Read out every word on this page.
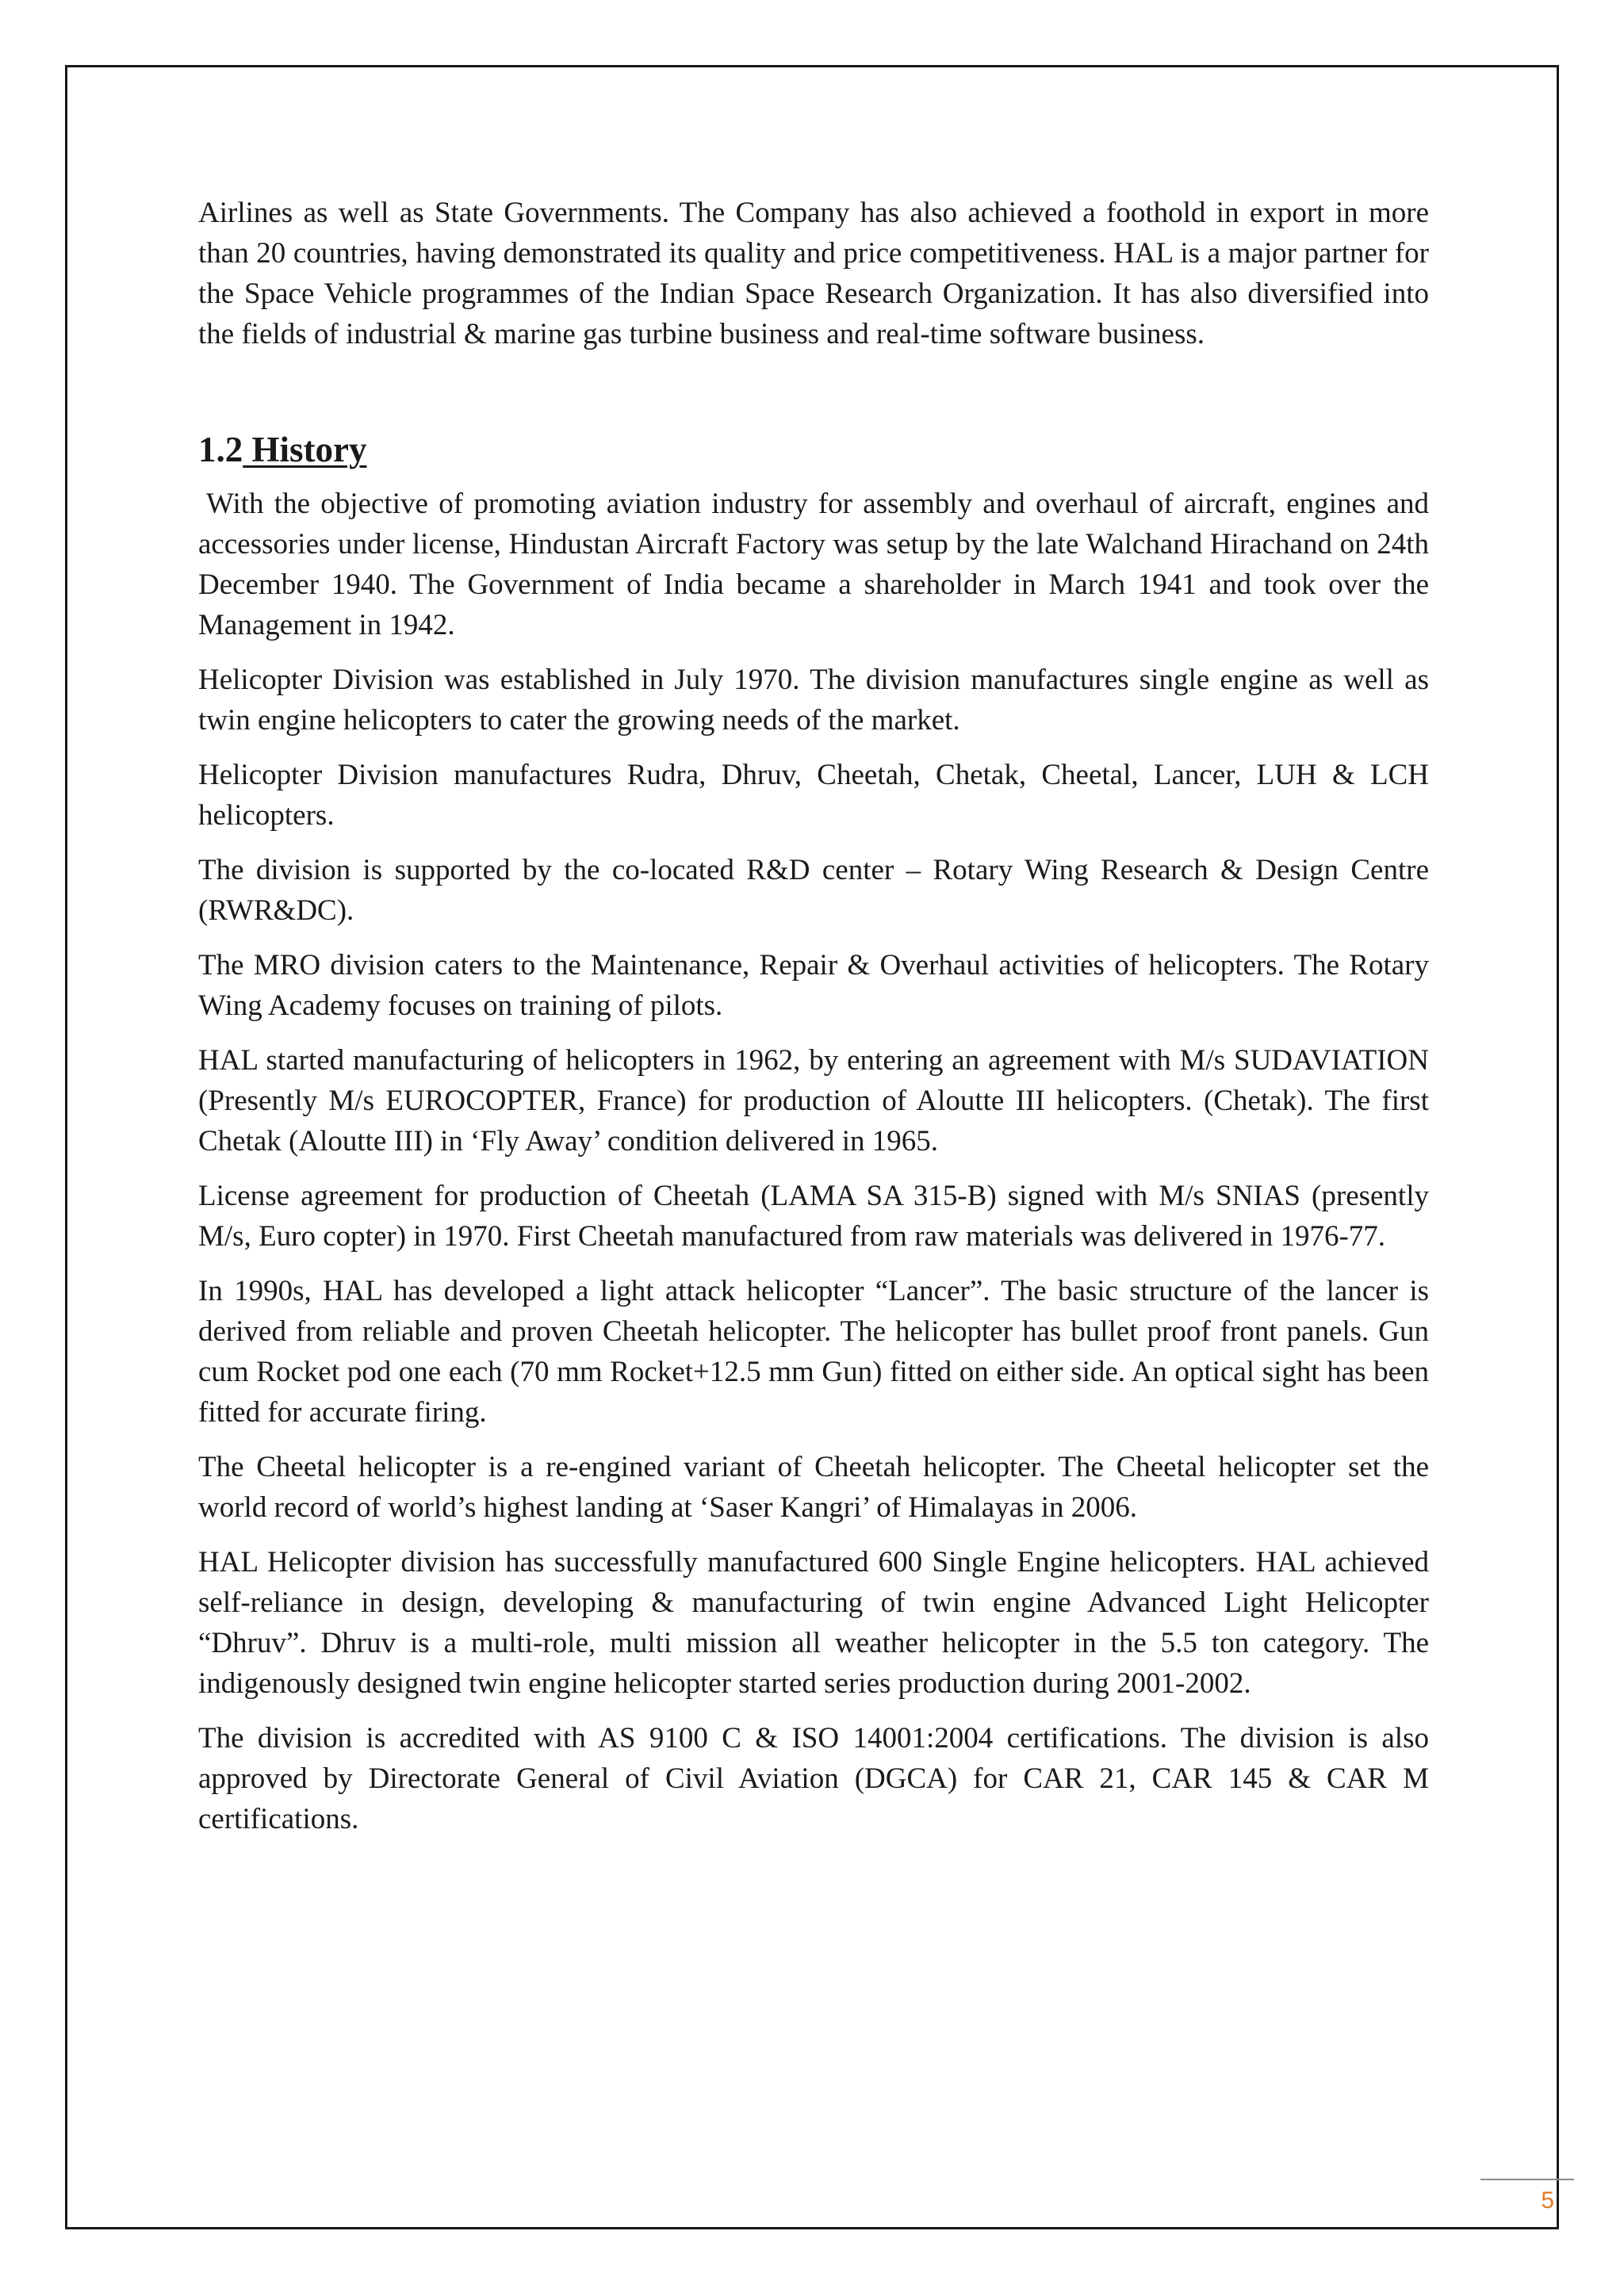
Airlines as well as State Governments. The Company has also achieved a foothold in export in more than 20 countries, having demonstrated its quality and price competitiveness. HAL is a major partner for the Space Vehicle programmes of the Indian Space Research Organization. It has also diversified into the fields of industrial & marine gas turbine business and real-time software business.

1.2 History

With the objective of promoting aviation industry for assembly and overhaul of aircraft, engines and accessories under license, Hindustan Aircraft Factory was setup by the late Walchand Hirachand on 24th December 1940. The Government of India became a shareholder in March 1941 and took over the Management in 1942.

Helicopter Division was established in July 1970. The division manufactures single engine as well as twin engine helicopters to cater the growing needs of the market.

Helicopter Division manufactures Rudra, Dhruv, Cheetah, Chetak, Cheetal, Lancer, LUH & LCH helicopters.

The division is supported by the co-located R&D center – Rotary Wing Research & Design Centre (RWR&DC).

The MRO division caters to the Maintenance, Repair & Overhaul activities of helicopters. The Rotary Wing Academy focuses on training of pilots.

HAL started manufacturing of helicopters in 1962, by entering an agreement with M/s SUDAVIATION (Presently M/s EUROCOPTER, France) for production of Aloutte III helicopters. (Chetak). The first Chetak (Aloutte III) in ‘Fly Away’ condition delivered in 1965.

License agreement for production of Cheetah (LAMA SA 315-B) signed with M/s SNIAS (presently M/s, Euro copter) in 1970. First Cheetah manufactured from raw materials was delivered in 1976-77.

In 1990s, HAL has developed a light attack helicopter “Lancer”. The basic structure of the lancer is derived from reliable and proven Cheetah helicopter. The helicopter has bullet proof front panels. Gun cum Rocket pod one each (70 mm Rocket+12.5 mm Gun) fitted on either side. An optical sight has been fitted for accurate firing.

The Cheetal helicopter is a re-engined variant of Cheetah helicopter. The Cheetal helicopter set the world record of world’s highest landing at ‘Saser Kangri’ of Himalayas in 2006.

HAL Helicopter division has successfully manufactured 600 Single Engine helicopters. HAL achieved self-reliance in design, developing & manufacturing of twin engine Advanced Light Helicopter “Dhruv”. Dhruv is a multi-role, multi mission all weather helicopter in the 5.5 ton category. The indigenously designed twin engine helicopter started series production during 2001-2002.

The division is accredited with AS 9100 C & ISO 14001:2004 certifications. The division is also approved by Directorate General of Civil Aviation (DGCA) for CAR 21, CAR 145 & CAR M certifications.

5
